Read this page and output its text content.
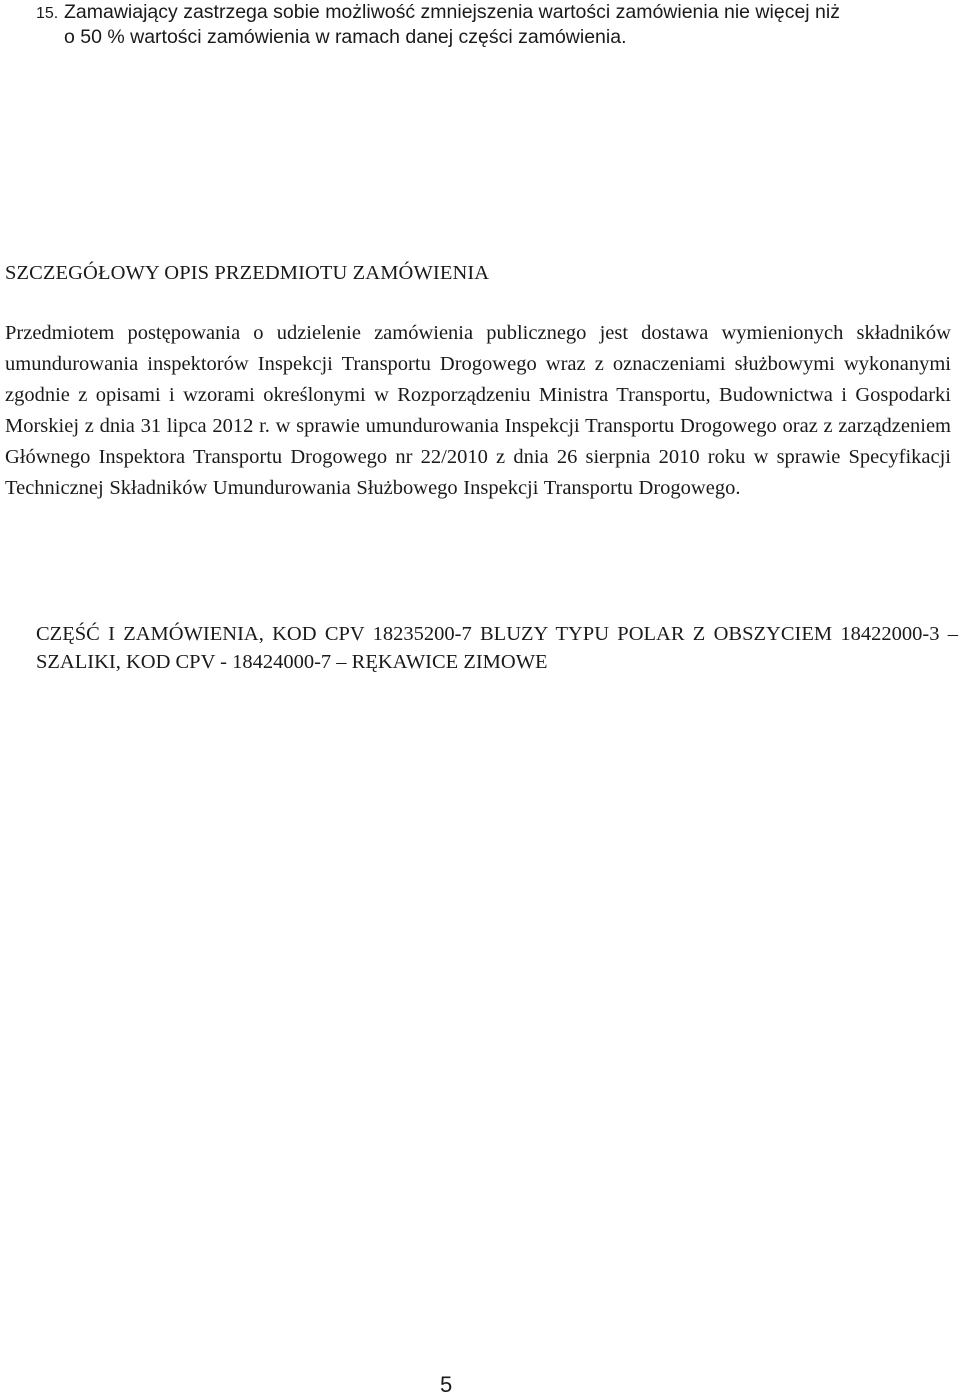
15. Zamawiający zastrzega sobie możliwość zmniejszenia wartości zamówienia nie więcej niż
o 50 % wartości zamówienia w ramach danej części zamówienia.
SZCZEGÓŁOWY OPIS PRZEDMIOTU ZAMÓWIENIA
Przedmiotem postępowania o udzielenie zamówienia publicznego jest dostawa wymienionych składników umundurowania inspektorów Inspekcji Transportu Drogowego wraz z oznaczeniami służbowymi wykonanymi zgodnie z opisami i wzorami określonymi w Rozporządzeniu Ministra Transportu, Budownictwa i Gospodarki Morskiej z dnia 31 lipca 2012 r. w sprawie umundurowania Inspekcji Transportu Drogowego oraz z zarządzeniem Głównego Inspektora Transportu Drogowego nr 22/2010 z dnia 26 sierpnia 2010 roku w sprawie Specyfikacji Technicznej Składników Umundurowania Służbowego Inspekcji Transportu Drogowego.
CZĘŚĆ I ZAMÓWIENIA, KOD CPV 18235200-7 BLUZY TYPU POLAR Z OBSZYCIEM 18422000-3 – SZALIKI, KOD CPV - 18424000-7 – RĘKAWICE ZIMOWE
5
